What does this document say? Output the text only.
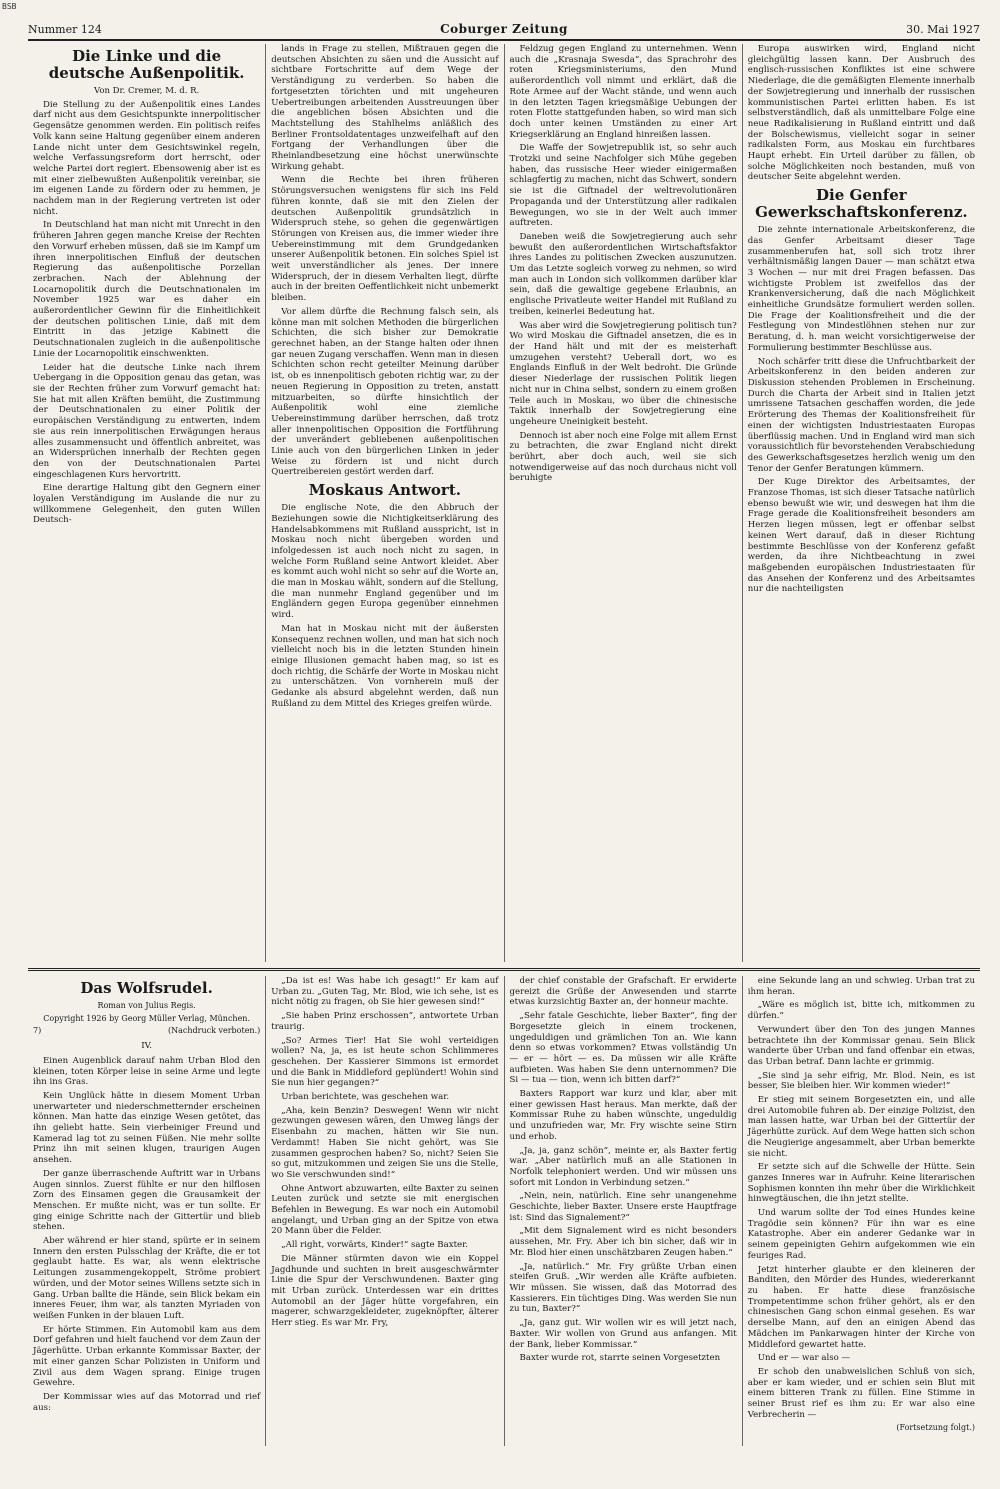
BSB
Nummer 124	Coburger Zeitung	30. Mai 1927
Die Linke und die deutsche Außenpolitik.
Von Dr. Cremer, M. d. R.

Die Stellung zu der Außenpolitik eines Landes darf nicht aus dem Gesichtspunkte innerpolitischer Gegensätze genommen werden. Ein politisch reifes Volk kann seine Haltung gegenüber einem anderen Lande nicht unter dem Gesichtswinkel regeln, welche Verfassungsreform dort herrscht, oder welche Partei dort regiert. Ebensowenig aber ist es mit einer zielbewußten Außenpolitik vereinbar, sie im eigenen Lande zu fördern oder zu hemmen, je nachdem man in der Regierung vertreten ist oder nicht.

In Deutschland hat man nicht mit Unrecht in den früheren Jahren gegen manche Kreise der Rechten den Vorwurf erheben müssen, daß sie im Kampf um ihren innerpolitischen Einfluß der deutschen Regierung das außenpolitische Porzellan zerbrachen. Nach der Ablehnung der Locarnopolitik durch die Deutschnationalen im November 1925 war es daher ein außerordentlicher Gewinn für die Einheitlichkeit der deutschen politischen Linie, daß mit dem Eintritt in das jetzige Kabinett die Deutschnationalen zugleich in die außenpolitische Linie der Locarnopolitik einschwenkten.

Leider hat die deutsche Linke nach ihrem Uebergang in die Opposition genau das getan, was sie der Rechten früher zum Vorwurf gemacht hat: Sie hat mit allen Kräften bemüht, die Zustimmung der Deutschnationalen zu einer Politik der europäischen Verständigung zu entwerten, indem sie aus rein innerpolitischen Erwägungen heraus alles zusammensucht und öffentlich anbreitet, was an Widersprüchen innerhalb der Rechten gegen den von der Deutschnationalen Partei eingeschlagenen Kurs hervortritt.

Eine derartige Haltung gibt den Gegnern einer loyalen Verständigung im Auslande die nur zu willkommene Gelegenheit, den guten Willen Deutsch-

lands in Frage zu stellen, Mißtrauen gegen die deutschen Absichten zu säen und die Aussicht auf sichtbare Fortschritte auf dem Wege der Verständigung zu verderben. So haben die fortgesetzten törichten und mit ungeheuren Uebertreibungen arbeitenden Ausstreuungen über die angeblichen bösen Absichten und die Machtstellung des Stahlhelms anläßlich des Berliner Frontsoldatentages unzweifelhaft auf den Fortgang der Verhandlungen über die Rheinlandbesetzung eine höchst unerwünschte Wirkung gehabt.

Wenn die Rechte bei ihren früheren Störungsversuchen wenigstens für sich ins Feld führen konnte, daß sie mit den Zielen der deutschen Außenpolitik grundsätzlich in Widerspruch stehe, so gehen die gegenwärtigen Störungen von Kreisen aus, die immer wieder ihre Uebereinstimmung mit dem Grundgedanken unserer Außenpolitik betonen. Ein solches Spiel ist weit unverständlicher als jenes. Der innere Widerspruch, der in diesem Verhalten liegt, dürfte auch in der breiten Oeffentlichkeit nicht unbemerkt bleiben.

Vor allem dürfte die Rechnung falsch sein, als könne man mit solchen Methoden die bürgerlichen Schichten, die sich bisher zur Demokratie gerechnet haben, an der Stange halten oder ihnen gar neuen Zugang verschaffen. Wenn man in diesen Schichten schon recht geteilter Meinung darüber ist, ob es innenpolitisch geboten richtig war, zu der neuen Regierung in Opposition zu treten, anstatt mitzuarbeiten, so dürfte hinsichtlich der Außenpolitik wohl eine ziemliche Uebereinstimmung darüber herrschen, daß trotz aller innenpolitischen Opposition die Fortführung der unverändert gebliebenen außenpolitischen Linie auch von den bürgerlichen Linken in jeder Weise zu fördern ist und nicht durch Quertreibereien gestört werden darf.

Moskaus Antwort.

Die englische Note, die den Abbruch der Beziehungen sowie die Nichtigkeitserklärung des Handelsabkommens mit Rußland ausspricht, ist in Moskau noch nicht übergeben worden und infolgedessen ist auch noch nicht zu sagen, in welche Form Rußland seine Antwort kleidet. Aber es kommt auch wohl nicht so sehr auf die Worte an, die man in Moskau wählt, sondern auf die Stellung, die man nunmehr England gegenüber und im Engländern gegen Europa gegenüber einnehmen wird.

Man hat in Moskau nicht mit der äußersten Konsequenz rechnen wollen, und man hat sich noch vielleicht noch bis in die letzten Stunden hinein einige Illusionen gemacht haben mag, so ist es doch richtig, die Schärfe der Worte in Moskau nicht zu unterschätzen. Von vornherein muß der Gedanke als absurd abgelehnt werden, daß nun Rußland zu dem Mittel des Krieges greifen würde.

Feldzug gegen England zu unternehmen. Wenn auch die „Krasnaja Swesda“, das Sprachrohr des roten Kriegsministeriums, den Mund außerordentlich voll nimmt und erklärt, daß die Rote Armee auf der Wacht stände, und wenn auch in den letzten Tagen kriegsmäßige Uebungen der roten Flotte stattgefunden haben, so wird man sich doch unter keinen Umständen zu einer Art Kriegserklärung an England hinreißen lassen.

Die Waffe der Sowjetrepublik ist, so sehr auch Trotzki und seine Nachfolger sich Mühe gegeben haben, das russische Heer wieder einigermaßen schlagfertig zu machen, nicht das Schwert, sondern sie ist die Giftnadel der weltrevolutionären Propaganda und der Unterstützung aller radikalen Bewegungen, wo sie in der Welt auch immer auftreten.

Daneben weiß die Sowjetregierung auch sehr bewußt den außerordentlichen Wirtschaftsfaktor ihres Landes zu politischen Zwecken auszunutzen. Um das Letzte sogleich vorweg zu nehmen, so wird man auch in London sich vollkommen darüber klar sein, daß die gewaltige gegebene Erlaubnis, an englische Privatleute weiter Handel mit Rußland zu treiben, keinerlei Bedeutung hat.

Was aber wird die Sowjetregierung politisch tun? Wo wird Moskau die Giftnadel ansetzen, die es in der Hand hält und mit der es meisterhaft umzugehen versteht? Ueberall dort, wo es Englands Einfluß in der Welt bedroht. Die Gründe dieser Niederlage der russischen Politik liegen nicht nur in China selbst, sondern zu einem großen Teile auch in Moskau, wo über die chinesische Taktik innerhalb der Sowjetregierung eine ungeheure Uneinigkeit besteht.

Dennoch ist aber noch eine Folge mit allem Ernst zu betrachten, die zwar England nicht direkt berührt, aber doch auch, weil sie sich notwendigerweise auf das noch durchaus nicht voll beruhigte

Europa auswirken wird, England nicht gleichgültig lassen kann. Der Ausbruch des englisch-russischen Konfliktes ist eine schwere Niederlage, die die gemäßigten Elemente innerhalb der Sowjetregierung und innerhalb der russischen kommunistischen Partei erlitten haben. Es ist selbstverständlich, daß als unmittelbare Folge eine neue Radikalisierung in Rußland eintritt und daß der Bolschewismus, vielleicht sogar in seiner radikalsten Form, aus Moskau ein furchtbares Haupt erhebt. Ein Urteil darüber zu fällen, ob solche Möglichkeiten noch bestanden, muß von deutscher Seite abgelehnt werden.

Die Genfer Gewerkschaftskonferenz.

Die zehnte internationale Arbeitskonferenz, die das Genfer Arbeitsamt dieser Tage zusammenberufen hat, soll sich trotz ihrer verhältnismäßig langen Dauer — man schätzt etwa 3 Wochen — nur mit drei Fragen befassen. Das wichtigste Problem ist zweifellos das der Krankenversicherung, daß die nach Möglichkeit einheitliche Grundsätze formuliert werden sollen. Die Frage der Koalitionsfreiheit und die der Festlegung von Mindestlöhnen stehen nur zur Beratung, d. h. man weicht vorsichtigerweise der Formulierung bestimmter Beschlüsse aus.

Noch schärfer tritt diese die Unfruchtbarkeit der Arbeitskonferenz in den beiden anderen zur Diskussion stehenden Problemen in Erscheinung. Durch die Charta der Arbeit sind in Italien jetzt umrissene Tatsachen geschaffen worden, die jede Erörterung des Themas der Koalitionsfreiheit für einen der wichtigsten Industriestaaten Europas überflüssig machen. Und in England wird man sich voraussichtlich für bevorstehenden Verabschiedung des Gewerkschaftsgesetzes herzlich wenig um den Tenor der Genfer Beratungen kümmern.

Der Kuge Direktor des Arbeitsamtes, der Franzose Thomas, ist sich dieser Tatsache natürlich ebenso bewußt wie wir, und deswegen hat ihm die Frage gerade die Koalitionsfreiheit besonders am Herzen liegen müssen, legt er offenbar selbst keinen Wert darauf, daß in dieser Richtung bestimmte Beschlüsse von der Konferenz gefaßt werden, da ihre Nichtbeachtung in zwei maßgebenden europäischen Industriestaaten für das Ansehen der Konferenz und des Arbeitsamtes nur die nachteiligsten

Das Wolfsrudel.
Roman von Julius Regis.
Copyright 1926 by Georg Müller Verlag, München.
7)	(Nachdruck verboten.)
IV.

Einen Augenblick darauf nahm Urban Blod den kleinen, toten Körper leise in seine Arme und legte ihn ins Gras.

Kein Unglück hätte in diesem Moment Urban unerwarteter und niederschmetternder erscheinen können. Man hatte das einzige Wesen getötet, das ihn geliebt hatte. Sein vierbeiniger Freund und Kamerad lag tot zu seinen Füßen. Nie mehr sollte Prinz ihn mit seinen klugen, traurigen Augen ansehen.

Der ganze überraschende Auftritt war in Urbans Augen sinnlos. Zuerst fühlte er nur den hilflosen Zorn des Einsamen gegen die Grausamkeit der Menschen. Er mußte nicht, was er tun sollte. Er ging einige Schritte nach der Gittertür und blieb stehen.

Aber während er hier stand, spürte er in seinem Innern den ersten Pulsschlag der Kräfte, die er tot geglaubt hatte. Es war, als wenn elektrische Leitungen zusammengekoppelt, Ströme probiert würden, und der Motor seines Willens setzte sich in Gang. Urban ballte die Hände, sein Blick bekam ein inneres Feuer, ihm war, als tanzten Myriaden von weißen Funken in der blauen Luft.

Er hörte Stimmen. Ein Automobil kam aus dem Dorf gefahren und hielt fauchend vor dem Zaun der Jägerhütte. Urban erkannte Kommissar Baxter, der mit einer ganzen Schar Polizisten in Uniform und Zivil aus dem Wagen sprang. Einige trugen Gewehre.

Der Kommissar wies auf das Motorrad und rief aus:

„Da ist es! Was habe ich gesagt!“ Er kam auf Urban zu. „Guten Tag, Mr. Blod, wie ich sehe, ist es nicht nötig zu fragen, ob Sie hier gewesen sind!“

„Sie haben Prinz erschossen“, antwortete Urban traurig.

„So? Armes Tier! Hat Sie wohl verteidigen wollen? Na, ja, es ist heute schon Schlimmeres geschehen. Der Kassierer Simmons ist ermordet und die Bank in Middleford geplündert! Wohin sind Sie nun hier gegangen?“

Urban berichtete, was geschehen war.

„Aha, kein Benzin? Deswegen! Wenn wir nicht gezwungen gewesen wären, den Umweg längs der Eisenbahn zu machen, hätten wir Sie nun. Verdammt! Haben Sie nicht gehört, was Sie zusammen gesprochen haben? So, nicht? Seien Sie so gut, mitzukommen und zeigen Sie uns die Stelle, wo Sie verschwunden sind!“

Ohne Antwort abzuwarten, eilte Baxter zu seinen Leuten zurück und setzte sie mit energischen Befehlen in Bewegung. Es war noch ein Automobil angelangt, und Urban ging an der Spitze von etwa 20 Mann über die Felder.

„All right, vorwärts, Kinder!“ sagte Baxter.

Die Männer stürmten davon wie ein Koppel Jagdhunde und suchten in breit ausgeschwärmter Linie die Spur der Verschwundenen. Baxter ging mit Urban zurück. Unterdessen war ein drittes Automobil an der Jäger hütte vorgefahren, ein magerer, schwarzgekleideter, zugeknöpfter, älterer Herr stieg. Es war Mr. Fry,

der chief constable der Grafschaft. Er erwiderte gereizt die Grüße der Anwesenden und starrte etwas kurzsichtig Baxter an, der honneur machte.

„Sehr fatale Geschichte, lieber Baxter“, fing der Borgesetzte gleich in einem trockenen, ungeduldigen und grämlichen Ton an. Wie kann denn so etwas vorkommen? Etwas vollständig Un — er — hört — es. Da müssen wir alle Kräfte aufbieten. Was haben Sie denn unternommen? Die Si — tua — tion, wenn ich bitten darf?“

Baxters Rapport war kurz und klar, aber mit einer gewissen Hast heraus. Man merkte, daß der Kommissar Ruhe zu haben wünschte, ungeduldig und unzufrieden war, Mr. Fry wischte seine Stirn und erhob.

„Ja, ja, ganz schön“, meinte er, als Baxter fertig war. „Aber natürlich muß an alle Stationen in Norfolk telephoniert werden. Und wir müssen uns sofort mit London in Verbindung setzen.“

„Nein, nein, natürlich. Eine sehr unangenehme Geschichte, lieber Baxter. Unsere erste Hauptfrage ist: Sind das Signalement?“

„Mit dem Signalement wird es nicht besonders aussehen, Mr. Fry. Aber ich bin sicher, daß wir in Mr. Blod hier einen unschätzbaren Zeugen haben.“

„Ja, natürlich.“ Mr. Fry grüßte Urban einen steifen Gruß. „Wir werden alle Kräfte aufbieten. Wir müssen. Sie wissen, daß das Motorrad des Kassierers. Ein tüchtiges Ding. Was werden Sie nun zu tun, Baxter?“

„Ja, ganz gut. Wir wollen wir es will jetzt nach, Baxter. Wir wollen von Grund aus anfangen. Mit der Bank, lieber Kommissar.“

Baxter wurde rot, starrte seinen Vorgesetzten

eine Sekunde lang an und schwieg. Urban trat zu ihm heran.

„Wäre es möglich ist, bitte ich, mitkommen zu dürfen.“

Verwundert über den Ton des jungen Mannes betrachtete ihn der Kommissar genau. Sein Blick wanderte über Urban und fand offenbar ein etwas, das Urban betraf. Dann lachte er grimmig.

„Sie sind ja sehr eifrig, Mr. Blod. Nein, es ist besser, Sie bleiben hier. Wir kommen wieder!“

Er stieg mit seinem Borgesetzten ein, und alle drei Automobile fuhren ab. Der einzige Polizist, den man lassen hatte, war Urban bei der Gittertür der Jägerhütte zurück. Auf dem Wege hatten sich schon die Neugierige angesammelt, aber Urban bemerkte sie nicht.

Er setzte sich auf die Schwelle der Hütte. Sein ganzes Inneres war in Aufruhr. Keine literarischen Sophismen konnten ihn mehr über die Wirklichkeit hinwegtäuschen, die ihn jetzt stellte.

Und warum sollte der Tod eines Hundes keine Tragödie sein können? Für ihn war es eine Katastrophe. Aber ein anderer Gedanke war in seinem gepeinigten Gehirn aufgekommen wie ein feuriges Rad.

Jetzt hinterher glaubte er den kleineren der Banditen, den Mörder des Hundes, wiedererkannt zu haben. Er hatte diese französische Trompetentimme schon früher gehört, als er den chinesischen Gang schon einmal gesehen. Es war derselbe Mann, auf den an einigen Abend das Mädchen im Pankarwagen hinter der Kirche von Middleford gewartet hatte.

Und er — war also —

Er schob den unabweislichen Schluß von sich, aber er kam wieder, und er schien sein Blut mit einem bitteren Trank zu füllen. Eine Stimme in seiner Brust rief es ihm zu: Er war also eine Verbrecherin —

(Fortsetzung folgt.)
